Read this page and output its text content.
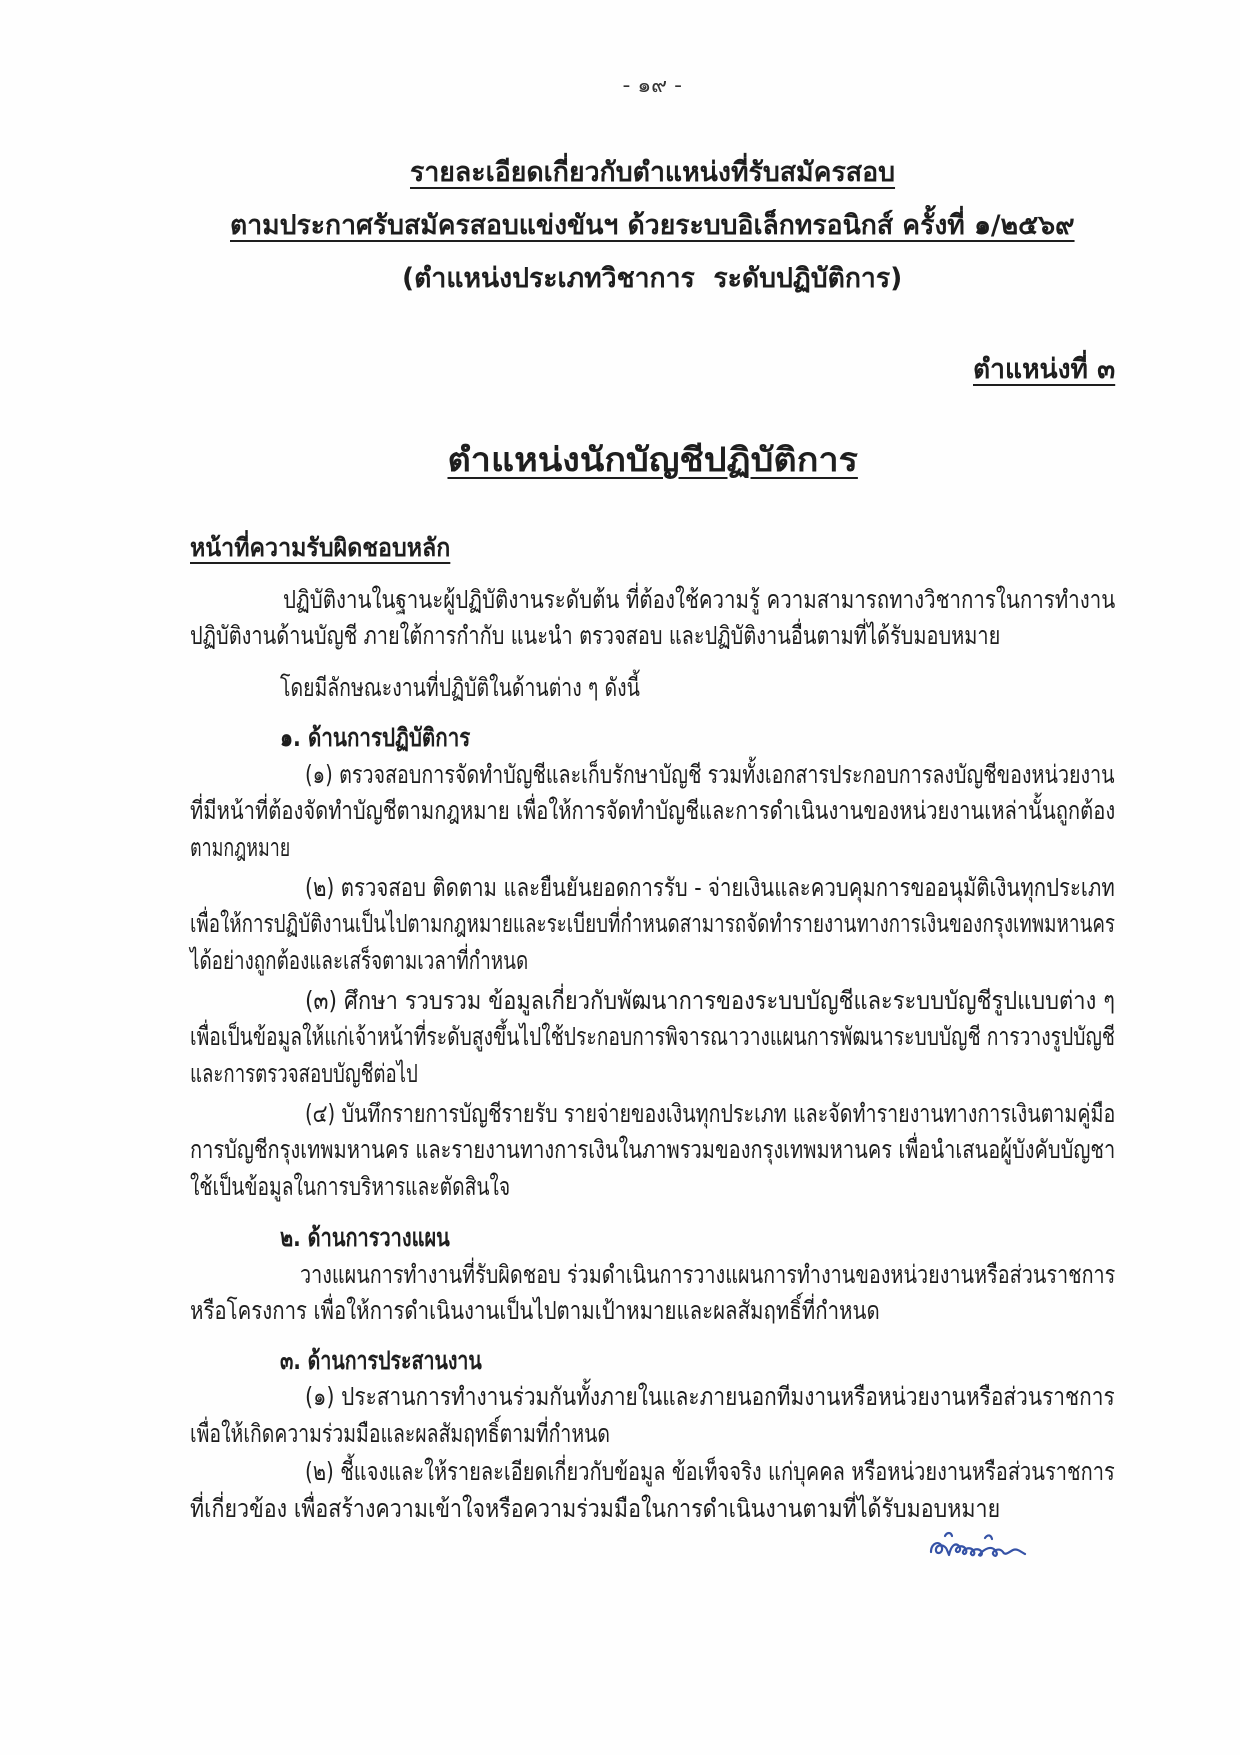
- ๑๙ -
รายละเอียดเกี่ยวกับตำแหน่งที่รับสมัครสอบ
ตามประกาศรับสมัครสอบแข่งขันฯ ด้วยระบบอิเล็กทรอนิกส์ ครั้งที่ ๑/๒๕๖๙
(ตำแหน่งประเภทวิชาการ  ระดับปฏิบัติการ)
ตำแหน่งที่ ๓
ตำแหน่งนักบัญชีปฏิบัติการ
หน้าที่ความรับผิดชอบหลัก
ปฏิบัติงานในฐานะผู้ปฏิบัติงานระดับต้น ที่ต้องใช้ความรู้ ความสามารถทางวิชาการในการทำงาน
ปฏิบัติงานด้านบัญชี ภายใต้การกำกับ แนะนำ ตรวจสอบ และปฏิบัติงานอื่นตามที่ได้รับมอบหมาย
โดยมีลักษณะงานที่ปฏิบัติในด้านต่าง ๆ ดังนี้
๑. ด้านการปฏิบัติการ
(๑) ตรวจสอบการจัดทำบัญชีและเก็บรักษาบัญชี รวมทั้งเอกสารประกอบการลงบัญชีของหน่วยงาน
ที่มีหน้าที่ต้องจัดทำบัญชีตามกฎหมาย เพื่อให้การจัดทำบัญชีและการดำเนินงานของหน่วยงานเหล่านั้นถูกต้อง
ตามกฎหมาย
(๒) ตรวจสอบ ติดตาม และยืนยันยอดการรับ - จ่ายเงินและควบคุมการขออนุมัติเงินทุกประเภท
เพื่อให้การปฏิบัติงานเป็นไปตามกฎหมายและระเบียบที่กำหนดสามารถจัดทำรายงานทางการเงินของกรุงเทพมหานคร
ได้อย่างถูกต้องและเสร็จตามเวลาที่กำหนด
(๓) ศึกษา รวบรวม ข้อมูลเกี่ยวกับพัฒนาการของระบบบัญชีและระบบบัญชีรูปแบบต่าง ๆ
เพื่อเป็นข้อมูลให้แก่เจ้าหน้าที่ระดับสูงขึ้นไปใช้ประกอบการพิจารณาวางแผนการพัฒนาระบบบัญชี การวางรูปบัญชี
และการตรวจสอบบัญชีต่อไป
(๔) บันทึกรายการบัญชีรายรับ รายจ่ายของเงินทุกประเภท และจัดทำรายงานทางการเงินตามคู่มือ
การบัญชีกรุงเทพมหานคร และรายงานทางการเงินในภาพรวมของกรุงเทพมหานคร เพื่อนำเสนอผู้บังคับบัญชา
ใช้เป็นข้อมูลในการบริหารและตัดสินใจ
๒. ด้านการวางแผน
วางแผนการทำงานที่รับผิดชอบ ร่วมดำเนินการวางแผนการทำงานของหน่วยงานหรือส่วนราชการ
หรือโครงการ เพื่อให้การดำเนินงานเป็นไปตามเป้าหมายและผลสัมฤทธิ์ที่กำหนด
๓. ด้านการประสานงาน
(๑) ประสานการทำงานร่วมกันทั้งภายในและภายนอกทีมงานหรือหน่วยงานหรือส่วนราชการ
เพื่อให้เกิดความร่วมมือและผลสัมฤทธิ์ตามที่กำหนด
(๒) ชี้แจงและให้รายละเอียดเกี่ยวกับข้อมูล ข้อเท็จจริง แก่บุคคล หรือหน่วยงานหรือส่วนราชการ
ที่เกี่ยวข้อง เพื่อสร้างความเข้าใจหรือความร่วมมือในการดำเนินงานตามที่ได้รับมอบหมาย
